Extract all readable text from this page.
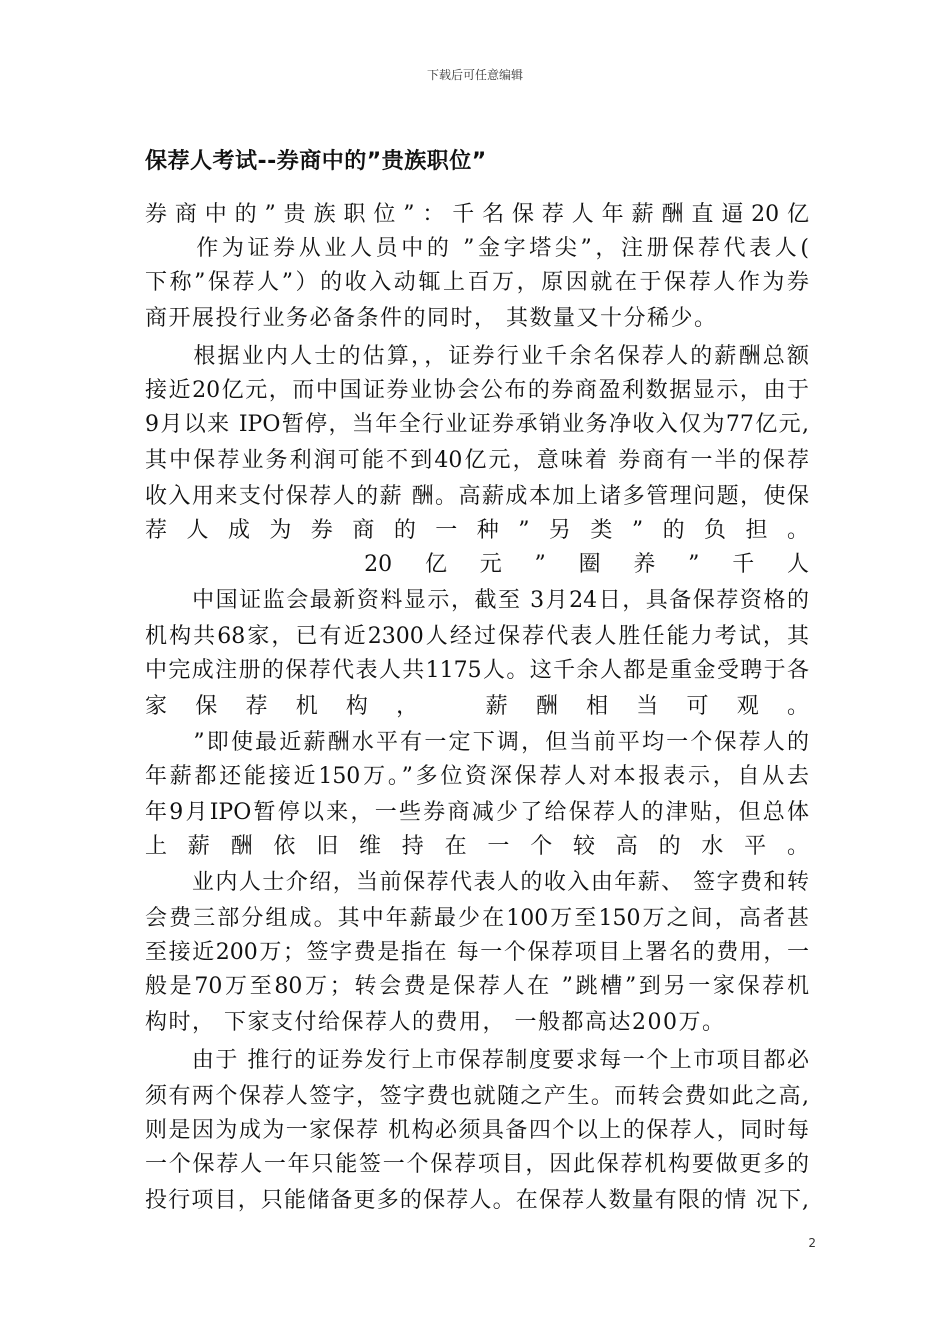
下载后可任意编辑
保荐人考试--券商中的”贵族职位”
券商中的”贵族职位”：千名保荐人年薪酬直逼20亿
　　作为证券从业人员中的 ”金字塔尖”，注册保荐代表人(
下称”保荐人”）的收入动辄上百万，原因就在于保荐人作为券
商开展投行业务必备条件的同时， 其数量又十分稀少。
　　根据业内人士的估算，，证券行业千余名保荐人的薪酬总额
接近20亿元，而中国证券业协会公布的券商盈利数据显示，由于
9月以来 IPO暂停，当年全行业证券承销业务净收入仅为77亿元,
其中保荐业务利润可能不到40亿元，意味着 券商有一半的保荐
收入用来支付保荐人的薪 酬。高薪成本加上诸多管理问题，使保
荐人成为券商的一种”另类”的负担。
　　　　20亿元”圈养”千人
　　中国证监会最新资料显示，截至 3月24日，具备保荐资格的
机构共68家，已有近2300人经过保荐代表人胜任能力考试，其
中完成注册的保荐代表人共1175人。这千余人都是重金受聘于各
家保荐机构，　薪酬相当可观。
　　”即使最近薪酬水平有一定下调，但当前平均一个保荐人的
年薪都还能接近150万。”多位资深保荐人对本报表示，自从去
年9月IPO暂停以来，一些券商减少了给保荐人的津贴，但总体
上薪酬依旧维持在一个较高的水平。
　　业内人士介绍，当前保荐代表人的收入由年薪、 签字费和转
会费三部分组成。其中年薪最少在100万至150万之间，高者甚
至接近200万；签字费是指在 每一个保荐项目上署名的费用，一
般是70万至80万；转会费是保荐人在 ”跳槽”到另一家保荐机
构时， 下家支付给保荐人的费用， 一般都高达200万。
　　由于 推行的证券发行上市保荐制度要求每一个上市项目都必
须有两个保荐人签字，签字费也就随之产生。而转会费如此之高,
则是因为成为一家保荐 机构必须具备四个以上的保荐人，同时每
一个保荐人一年只能签一个保荐项目，因此保荐机构要做更多的
投行项目，只能储备更多的保荐人。在保荐人数量有限的情 况下,
2
